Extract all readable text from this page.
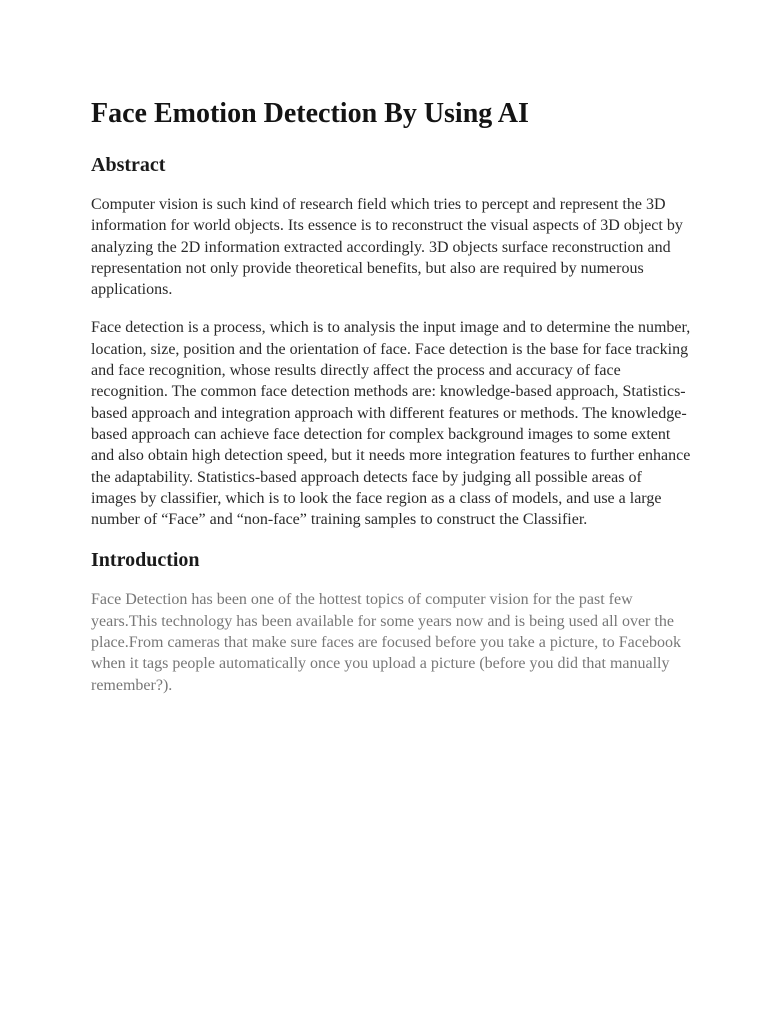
Face Emotion Detection By Using AI
Abstract

Computer vision is such kind of research field which tries to percept and represent the 3D information for world objects. Its essence is to reconstruct the visual aspects of 3D object by analyzing the 2D information extracted accordingly. 3D objects surface reconstruction and representation not only provide theoretical benefits, but also are required by numerous applications.

Face detection is a process, which is to analysis the input image and to determine the number, location, size, position and the orientation of face. Face detection is the base for face tracking and face recognition, whose results directly affect the process and accuracy of face recognition. The common face detection methods are: knowledge-based approach, Statistics-based approach and integration approach with different features or methods. The knowledge-based approach can achieve face detection for complex background images to some extent and also obtain high detection speed, but it needs more integration features to further enhance the adaptability. Statistics-based approach detects face by judging all possible areas of images by classifier, which is to look the face region as a class of models, and use a large number of “Face” and “non-face” training samples to construct the Classifier.

Introduction

Face Detection has been one of the hottest topics of computer vision for the past few years.This technology has been available for some years now and is being used all over the place.From cameras that make sure faces are focused before you take a picture, to Facebook when it tags people automatically once you upload a picture (before you did that manually remember?).
